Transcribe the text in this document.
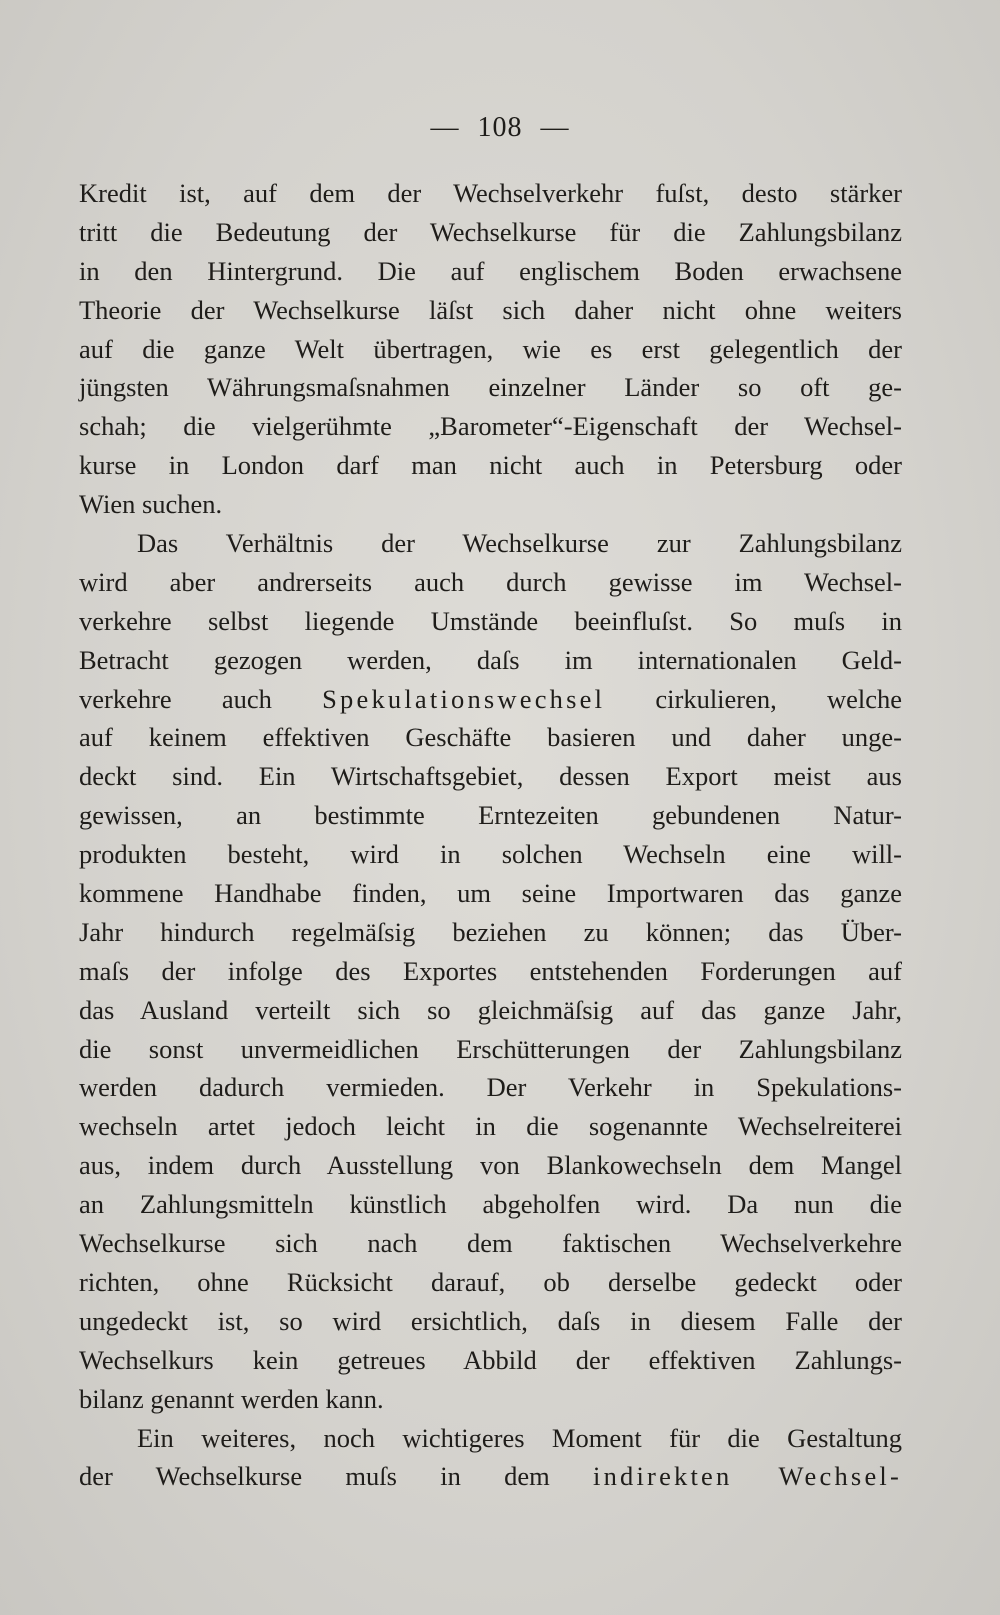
— 108 —
Kredit ist, auf dem der Wechselverkehr fuſst, desto stärker
tritt die Bedeutung der Wechselkurse für die Zahlungsbilanz
in den Hintergrund. Die auf englischem Boden erwachsene
Theorie der Wechselkurse läſst sich daher nicht ohne weiters
auf die ganze Welt übertragen, wie es erst gelegentlich der
jüngsten Währungsmaſsnahmen einzelner Länder so oft ge-
schah; die vielgerühmte „Barometer“-Eigenschaft der Wechsel-
kurse in London darf man nicht auch in Petersburg oder
Wien suchen.
Das Verhältnis der Wechselkurse zur Zahlungsbilanz
wird aber andrerseits auch durch gewisse im Wechsel-
verkehre selbst liegende Umstände beeinfluſst. So muſs in
Betracht gezogen werden, daſs im internationalen Geld-
verkehre auch Spekulationswechsel cirkulieren, welche
auf keinem effektiven Geschäfte basieren und daher unge-
deckt sind. Ein Wirtschaftsgebiet, dessen Export meist aus
gewissen, an bestimmte Erntezeiten gebundenen Natur-
produkten besteht, wird in solchen Wechseln eine will-
kommene Handhabe finden, um seine Importwaren das ganze
Jahr hindurch regelmäſsig beziehen zu können; das Über-
maſs der infolge des Exportes entstehenden Forderungen auf
das Ausland verteilt sich so gleichmäſsig auf das ganze Jahr,
die sonst unvermeidlichen Erschütterungen der Zahlungsbilanz
werden dadurch vermieden. Der Verkehr in Spekulations-
wechseln artet jedoch leicht in die sogenannte Wechselreiterei
aus, indem durch Ausstellung von Blankowechseln dem Mangel
an Zahlungsmitteln künstlich abgeholfen wird. Da nun die
Wechselkurse sich nach dem faktischen Wechselverkehre
richten, ohne Rücksicht darauf, ob derselbe gedeckt oder
ungedeckt ist, so wird ersichtlich, daſs in diesem Falle der
Wechselkurs kein getreues Abbild der effektiven Zahlungs-
bilanz genannt werden kann.
Ein weiteres, noch wichtigeres Moment für die Gestaltung
der Wechselkurse muſs in dem indirekten Wechsel-
